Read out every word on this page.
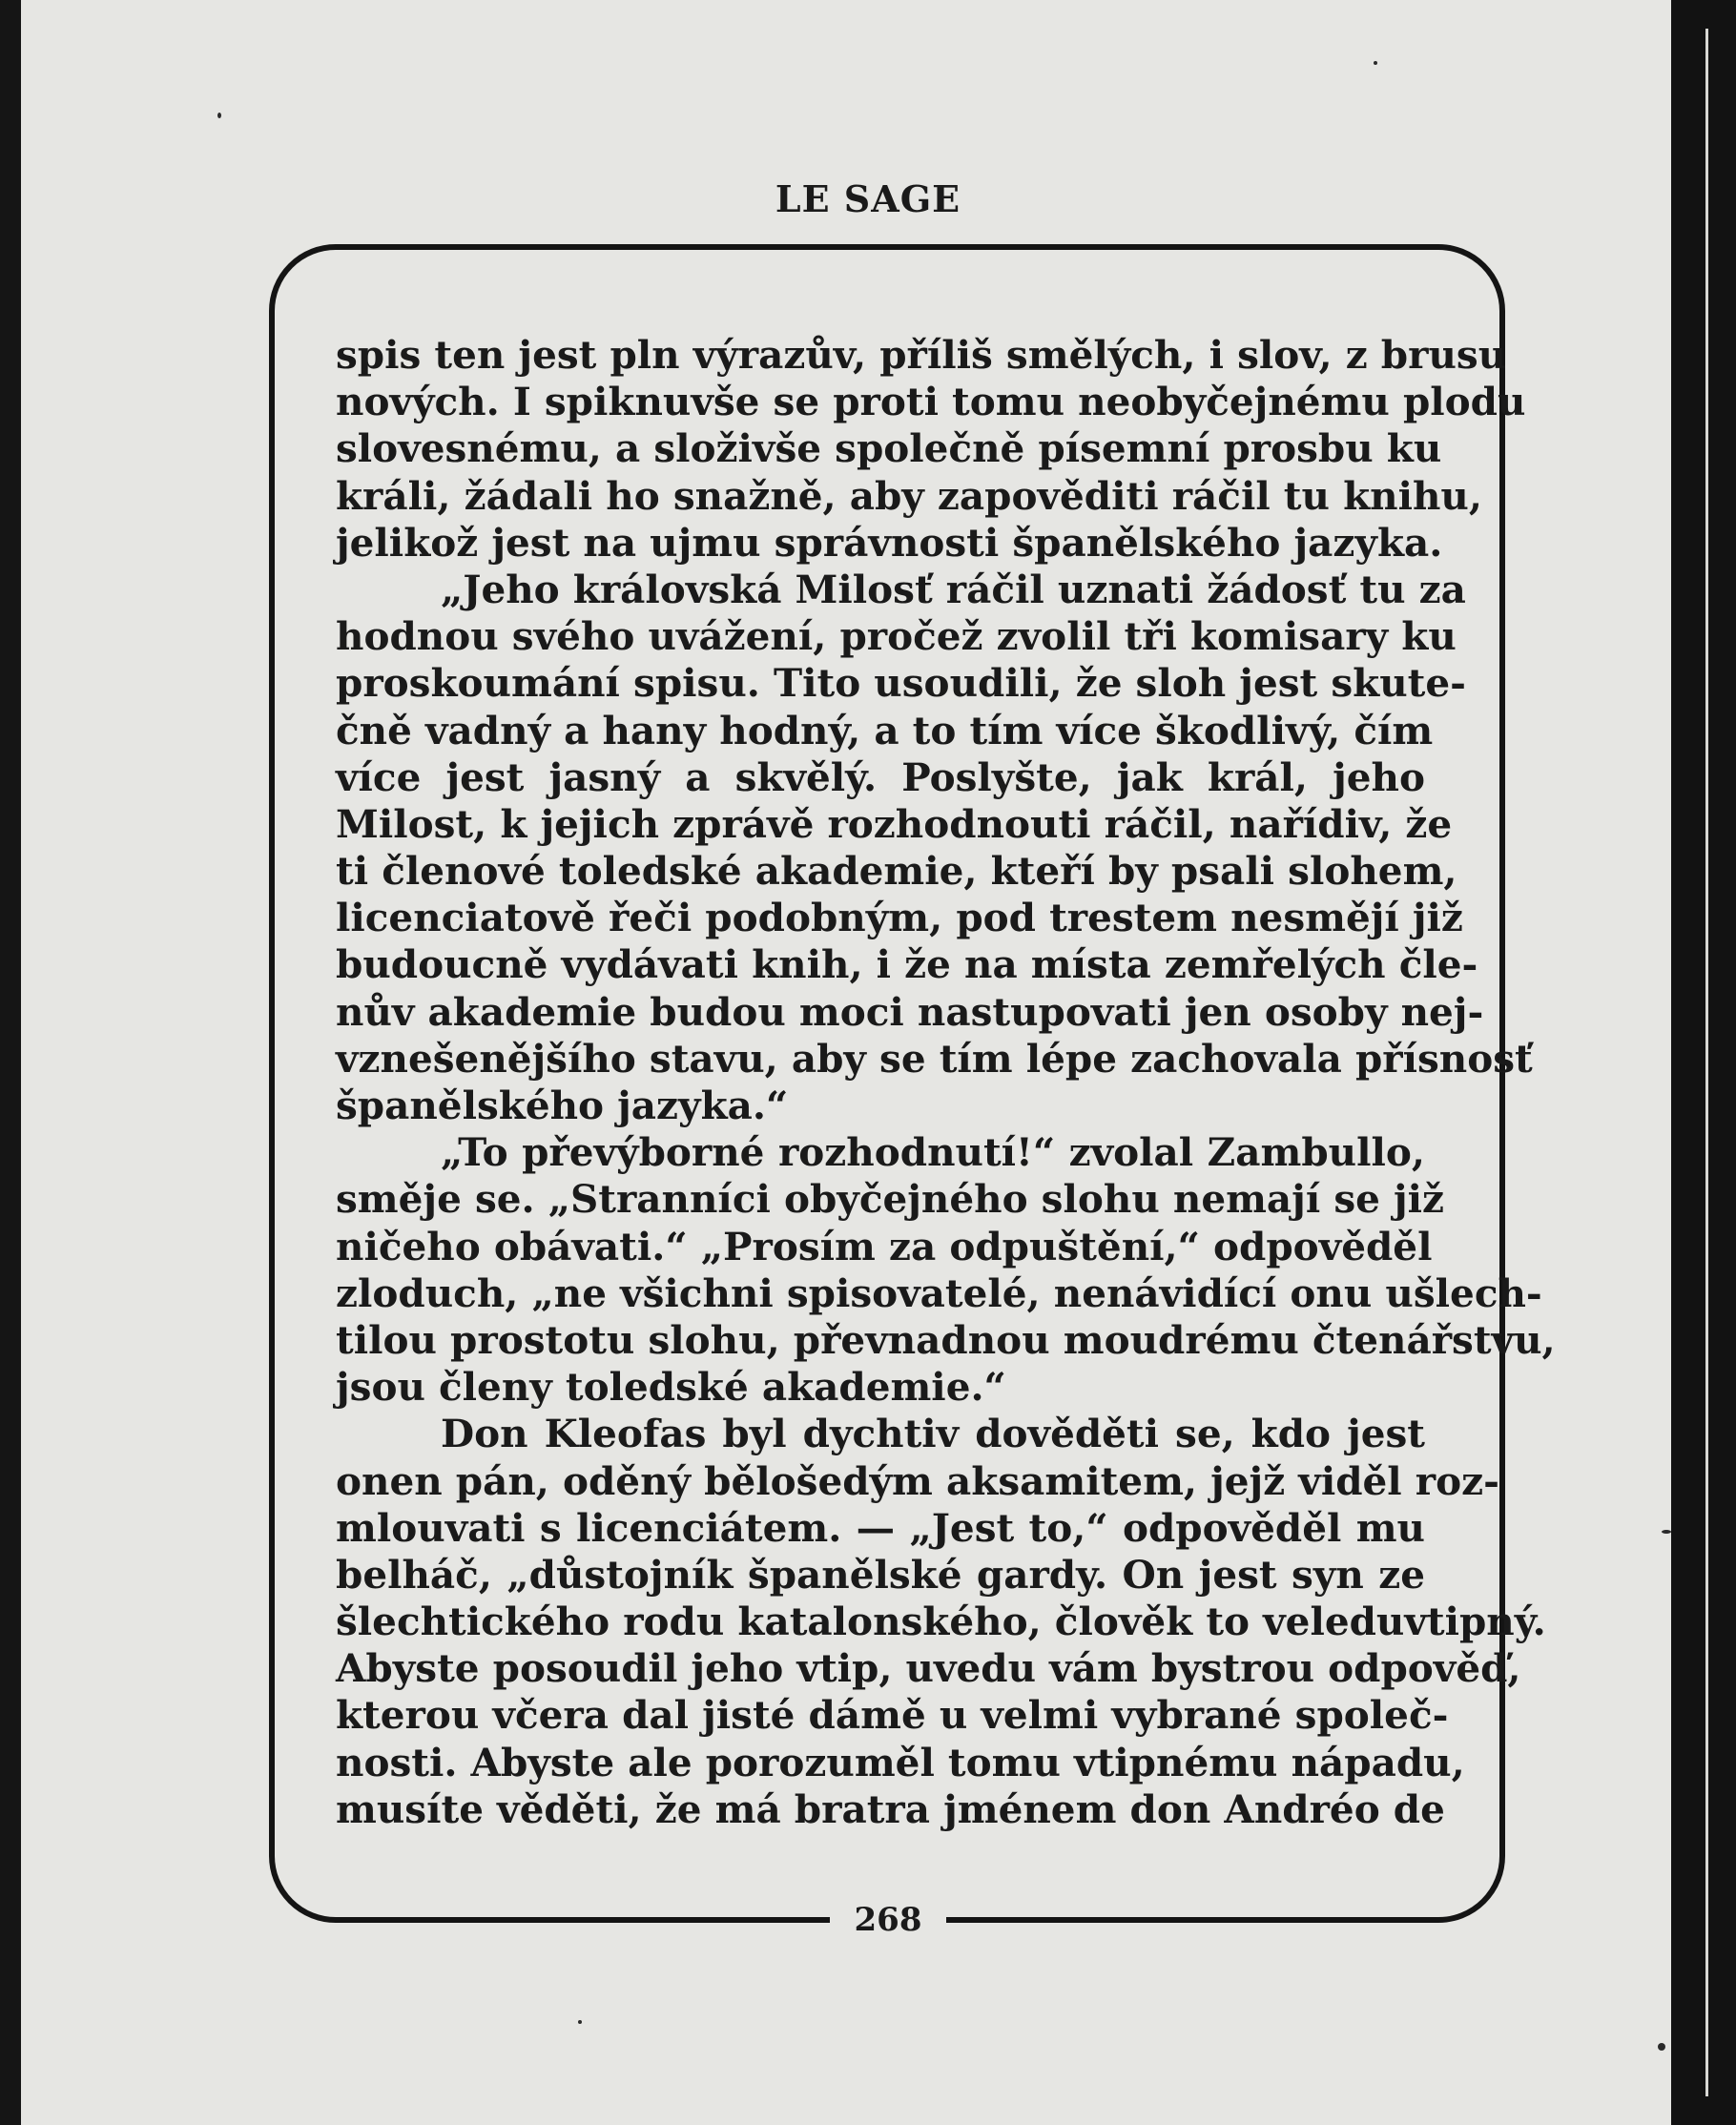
LE SAGE
268
spis ten jest pln výrazův, příliš smělých, i slov, z brusu
nových. I spiknuvše se proti tomu neobyčejnému plodu
slovesnému, a složivše společně písemní prosbu ku
králi, žádali ho snažně, aby zapověditi ráčil tu knihu,
jelikož jest na ujmu správnosti španělského jazyka.
„Jeho královská Milosť ráčil uznati žádosť tu za
hodnou svého uvážení, pročež zvolil tři komisary ku
proskoumání spisu. Tito usoudili, že sloh jest skute-
čně vadný a hany hodný, a to tím více škodlivý, čím
více jest jasný a skvělý. Poslyšte, jak král, jeho
Milost, k jejich zprávě rozhodnouti ráčil, nařídiv, že
ti členové toledské akademie, kteří by psali slohem,
licenciatově řeči podobným, pod trestem nesmějí již
budoucně vydávati knih, i že na místa zemřelých čle-
nův akademie budou moci nastupovati jen osoby nej-
vznešenějšího stavu, aby se tím lépe zachovala přísnosť
španělského jazyka.“
„To převýborné rozhodnutí!“ zvolal Zambullo,
směje se. „Stranníci obyčejného slohu nemají se již
ničeho obávati.“ „Prosím za odpuštění,“ odpověděl
zloduch, „ne všichni spisovatelé, nenávidící onu ušlech-
tilou prostotu slohu, převnadnou moudrému čtenářstvu,
jsou členy toledské akademie.“
Don Kleofas byl dychtiv dověděti se, kdo jest
onen pán, oděný bělošedým aksamitem, jejž viděl roz-
mlouvati s licenciátem. — „Jest to,“ odpověděl mu
belháč, „důstojník španělské gardy. On jest syn ze
šlechtického rodu katalonského, člověk to veleduvtipný.
Abyste posoudil jeho vtip, uvedu vám bystrou odpověď,
kterou včera dal jisté dámě u velmi vybrané společ-
nosti. Abyste ale porozuměl tomu vtipnému nápadu,
musíte věděti, že má bratra jménem don Andréo de
